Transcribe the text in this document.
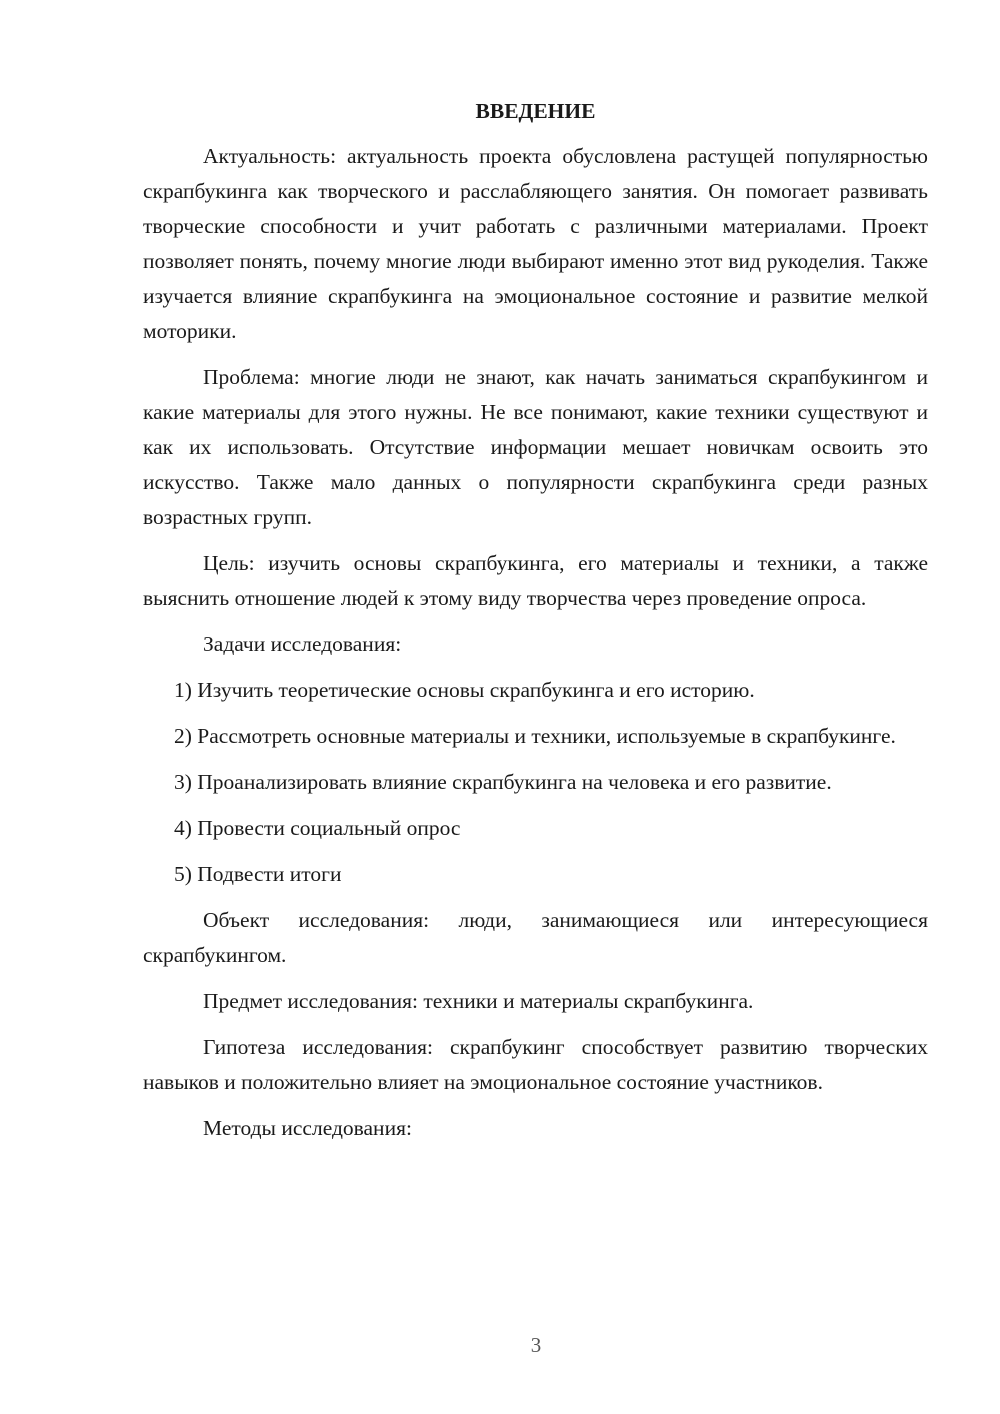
ВВЕДЕНИЕ

Актуальность: актуальность проекта обусловлена растущей популярностью скрапбукинга как творческого и расслабляющего занятия. Он помогает развивать творческие способности и учит работать с различными материалами. Проект позволяет понять, почему многие люди выбирают именно этот вид рукоделия. Также изучается влияние скрапбукинга на эмоциональное состояние и развитие мелкой моторики.

Проблема: многие люди не знают, как начать заниматься скрапбукингом и какие материалы для этого нужны. Не все понимают, какие техники существуют и как их использовать. Отсутствие информации мешает новичкам освоить это искусство. Также мало данных о популярности скрапбукинга среди разных возрастных групп.

Цель: изучить основы скрапбукинга, его материалы и техники, а также выяснить отношение людей к этому виду творчества через проведение опроса.

Задачи исследования:

1) Изучить теоретические основы скрапбукинга и его историю.

2) Рассмотреть основные материалы и техники, используемые в скрапбукинге.

3) Проанализировать влияние скрапбукинга на человека и его развитие.

4) Провести социальный опрос

5) Подвести итоги

Объект исследования: люди, занимающиеся или интересующиеся скрапбукингом.

Предмет исследования: техники и материалы скрапбукинга.

Гипотеза исследования: скрапбукинг способствует развитию творческих навыков и положительно влияет на эмоциональное состояние участников.

Методы исследования:

3
